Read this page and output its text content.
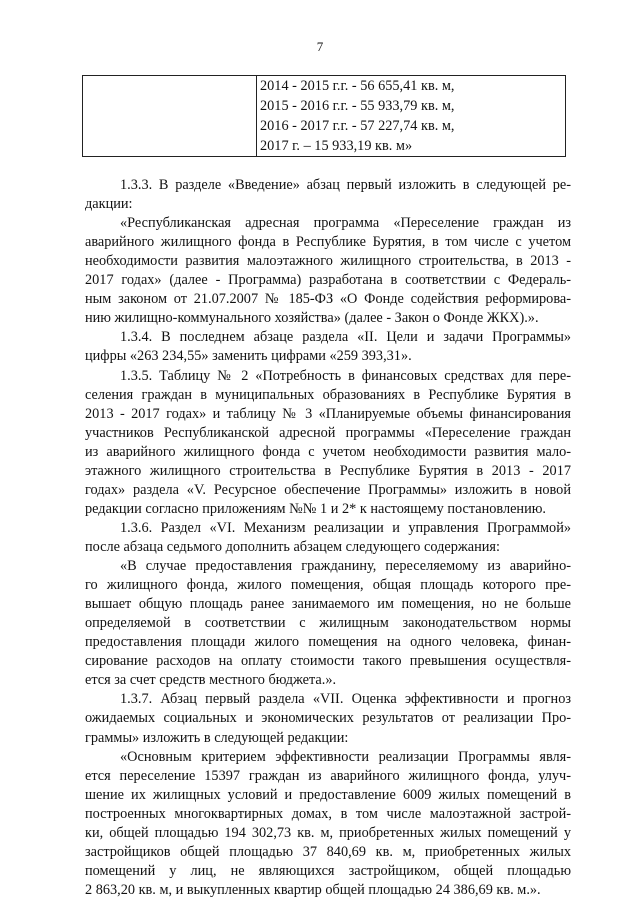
7

2014 - 2015 г.г. - 56 655,41 кв. м,
2015 - 2016 г.г. - 55 933,79 кв. м,
2016 - 2017 г.г. - 57 227,74 кв. м,
2017 г. – 15 933,19 кв. м»
1.3.3. В разделе «Введение» абзац первый изложить в следующей ре-
дакции:
«Республиканская адресная программа «Переселение граждан из
аварийного жилищного фонда в Республике Бурятия, в том числе с учетом
необходимости развития малоэтажного жилищного строительства, в 2013 -
2017 годах» (далее - Программа) разработана в соответствии с Федераль-
ным законом от 21.07.2007 № 185-ФЗ «О Фонде содействия реформирова-
нию жилищно-коммунального хозяйства» (далее - Закон о Фонде ЖКХ).».
1.3.4. В последнем абзаце раздела «II. Цели и задачи Программы»
цифры «263 234,55» заменить цифрами «259 393,31».
1.3.5. Таблицу № 2 «Потребность в финансовых средствах для пере-
селения граждан в муниципальных образованиях в Республике Бурятия в
2013 - 2017 годах» и таблицу № 3 «Планируемые объемы финансирования
участников Республиканской адресной программы «Переселение граждан
из аварийного жилищного фонда с учетом необходимости развития мало-
этажного жилищного строительства в Республике Бурятия в 2013 - 2017
годах» раздела «V. Ресурсное обеспечение Программы» изложить в новой
редакции согласно приложениям №№ 1 и 2* к настоящему постановлению.
1.3.6. Раздел «VI. Механизм реализации и управления Программой»
после абзаца седьмого дополнить абзацем следующего содержания:
«В случае предоставления гражданину, переселяемому из аварийно-
го жилищного фонда, жилого помещения, общая площадь которого пре-
вышает общую площадь ранее занимаемого им помещения, но не больше
определяемой в соответствии с жилищным законодательством нормы
предоставления площади жилого помещения на одного человека, финан-
сирование расходов на оплату стоимости такого превышения осуществля-
ется за счет средств местного бюджета.».
1.3.7. Абзац первый раздела «VII. Оценка эффективности и прогноз
ожидаемых социальных и экономических результатов от реализации Про-
граммы» изложить в следующей редакции:
«Основным критерием эффективности реализации Программы явля-
ется переселение 15397 граждан из аварийного жилищного фонда, улуч-
шение их жилищных условий и предоставление 6009 жилых помещений в
построенных многоквартирных домах, в том числе малоэтажной застрой-
ки, общей площадью 194 302,73 кв. м, приобретенных жилых помещений у
застройщиков общей площадью 37 840,69 кв. м, приобретенных жилых
помещений у лиц, не являющихся застройщиком, общей площадью
2 863,20 кв. м, и выкупленных квартир общей площадью 24 386,69 кв. м.».
